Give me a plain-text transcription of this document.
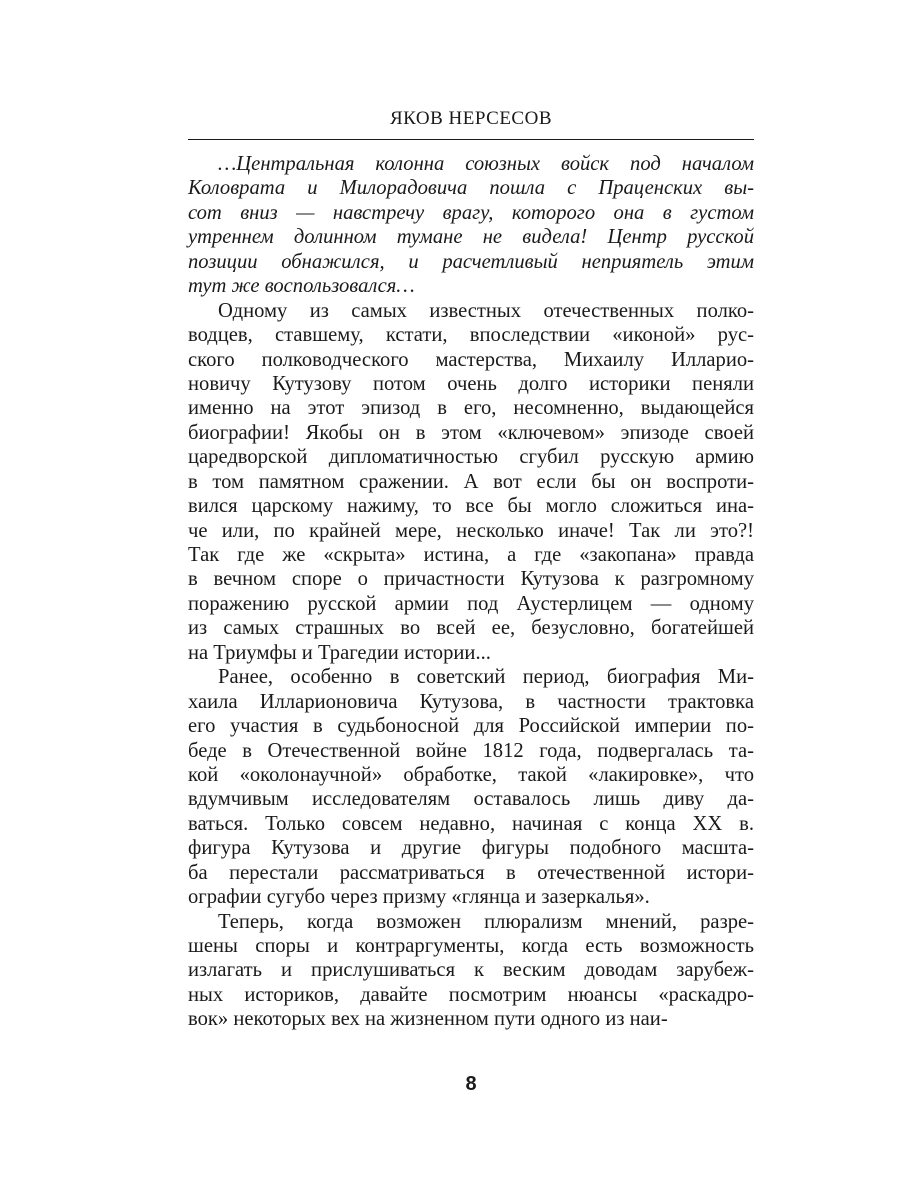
ЯКОВ НЕРСЕСОВ
…Центральная колонна союзных войск под началом
Коловрата и Милорадовича пошла с Праценских вы-
сот вниз — навстречу врагу, которого она в густом
утреннем долинном тумане не видела! Центр русской
позиции обнажился, и расчетливый неприятель этим
тут же воспользовался…
Одному из самых известных отечественных полко-
водцев, ставшему, кстати, впоследствии «иконой» рус-
ского полководческого мастерства, Михаилу Илларио-
новичу Кутузову потом очень долго историки пеняли
именно на этот эпизод в его, несомненно, выдающейся
биографии! Якобы он в этом «ключевом» эпизоде своей
царедворской дипломатичностью сгубил русскую армию
в том памятном сражении. А вот если бы он воспроти-
вился царскому нажиму, то все бы могло сложиться ина-
че или, по крайней мере, несколько иначе! Так ли это?!
Так где же «скрыта» истина, а где «закопана» правда
в вечном споре о причастности Кутузова к разгромному
поражению русской армии под Аустерлицем — одному
из самых страшных во всей ее, безусловно, богатейшей
на Триумфы и Трагедии истории...
Ранее, особенно в советский период, биография Ми-
хаила Илларионовича Кутузова, в частности трактовка
его участия в судьбоносной для Российской империи по-
беде в Отечественной войне 1812 года, подвергалась та-
кой «околонаучной» обработке, такой «лакировке», что
вдумчивым исследователям оставалось лишь диву да-
ваться. Только совсем недавно, начиная с конца XX в.
фигура Кутузова и другие фигуры подобного масшта-
ба перестали рассматриваться в отечественной истори-
ографии сугубо через призму «глянца и зазеркалья».
Теперь, когда возможен плюрализм мнений, разре-
шены споры и контраргументы, когда есть возможность
излагать и прислушиваться к веским доводам зарубеж-
ных историков, давайте посмотрим нюансы «раскадро-
вок» некоторых вех на жизненном пути одного из наи-
8
